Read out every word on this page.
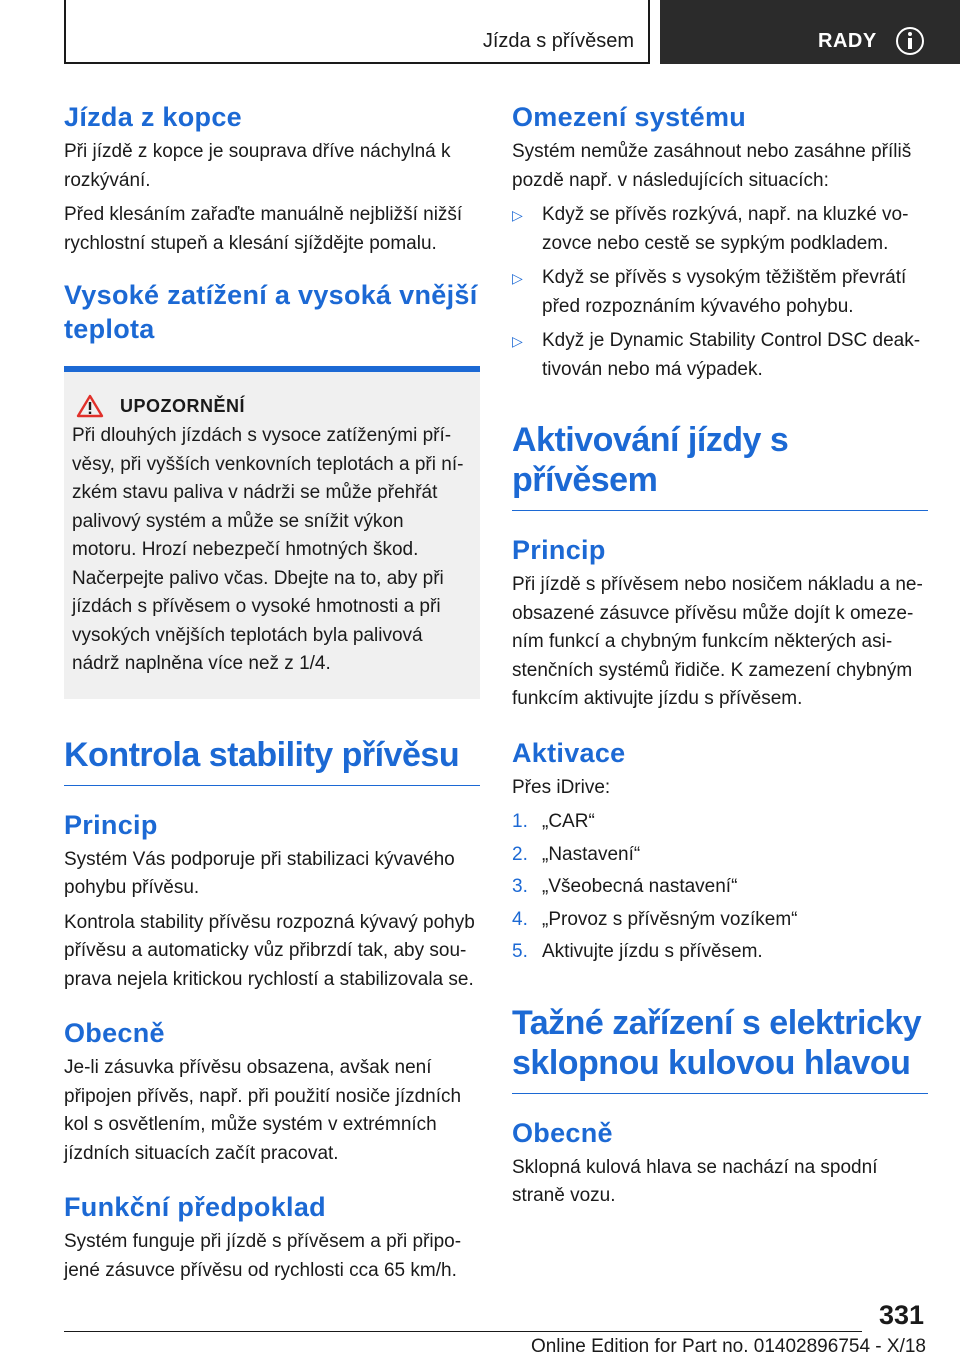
Jízda s přívěsem	RADY
Jízda z kopce

Při jízdě z kopce je souprava dříve náchylná k rozkývání.

Před klesáním zařaďte manuálně nejbližší nižší rychlostní stupeň a klesání sjíždějte pomalu.

Vysoké zatížení a vysoká vnější teplota
UPOZORNĚNÍ

Při dlouhých jízdách s vysoce zatíženými přívěsy, při vyšších venkovních teplotách a při nízkém stavu paliva v nádrži se může přehřát palivový systém a může se snížit výkon motoru. Hrozí nebezpečí hmotných škod. Načerpejte palivo včas. Dbejte na to, aby při jízdách s přívěsem o vysoké hmotnosti a při vysokých vnějších teplotách byla palivová nádrž naplněna více než z 1/4.

Kontrola stability přívěsu
Princip

Systém Vás podporuje při stabilizaci kývavého pohybu přívěsu.

Kontrola stability přívěsu rozpozná kývavý pohyb přívěsu a automaticky vůz přibrzdí tak, aby souprava nejela kritickou rychlostí a stabilizovala se.

Obecně

Je-li zásuvka přívěsu obsazena, avšak není připojen přívěs, např. při použití nosiče jízdních kol s osvětlením, může systém v extrémních jízdních situacích začít pracovat.

Funkční předpoklad

Systém funguje při jízdě s přívěsem a při připojené zásuvce přívěsu od rychlosti cca 65 km/h.

Omezení systému

Systém nemůže zasáhnout nebo zasáhne příliš pozdě např. v následujících situacích:

▷ Když se přívěs rozkývá, např. na kluzké vozovce nebo cestě se sypkým podkladem.
▷ Když se přívěs s vysokým těžištěm převrátí před rozpoznáním kývavého pohybu.
▷ Když je Dynamic Stability Control DSC deaktivován nebo má výpadek.
Aktivování jízdy s přívěsem
Princip

Při jízdě s přívěsem nebo nosičem nákladu a neobsazené zásuvce přívěsu může dojít k omezením funkcí a chybným funkcím některých asistenčních systémů řidiče. K zamezení chybným funkcím aktivujte jízdu s přívěsem.

Aktivace

Přes iDrive:

1. „CAR“
2. „Nastavení“
3. „Všeobecná nastavení“
4. „Provoz s přívěsným vozíkem“
5. Aktivujte jízdu s přívěsem.
Tažné zařízení s elektricky sklopnou kulovou hlavou
Obecně

Sklopná kulová hlava se nachází na spodní straně vozu.

331
Online Edition for Part no. 01402896754 - X/18
